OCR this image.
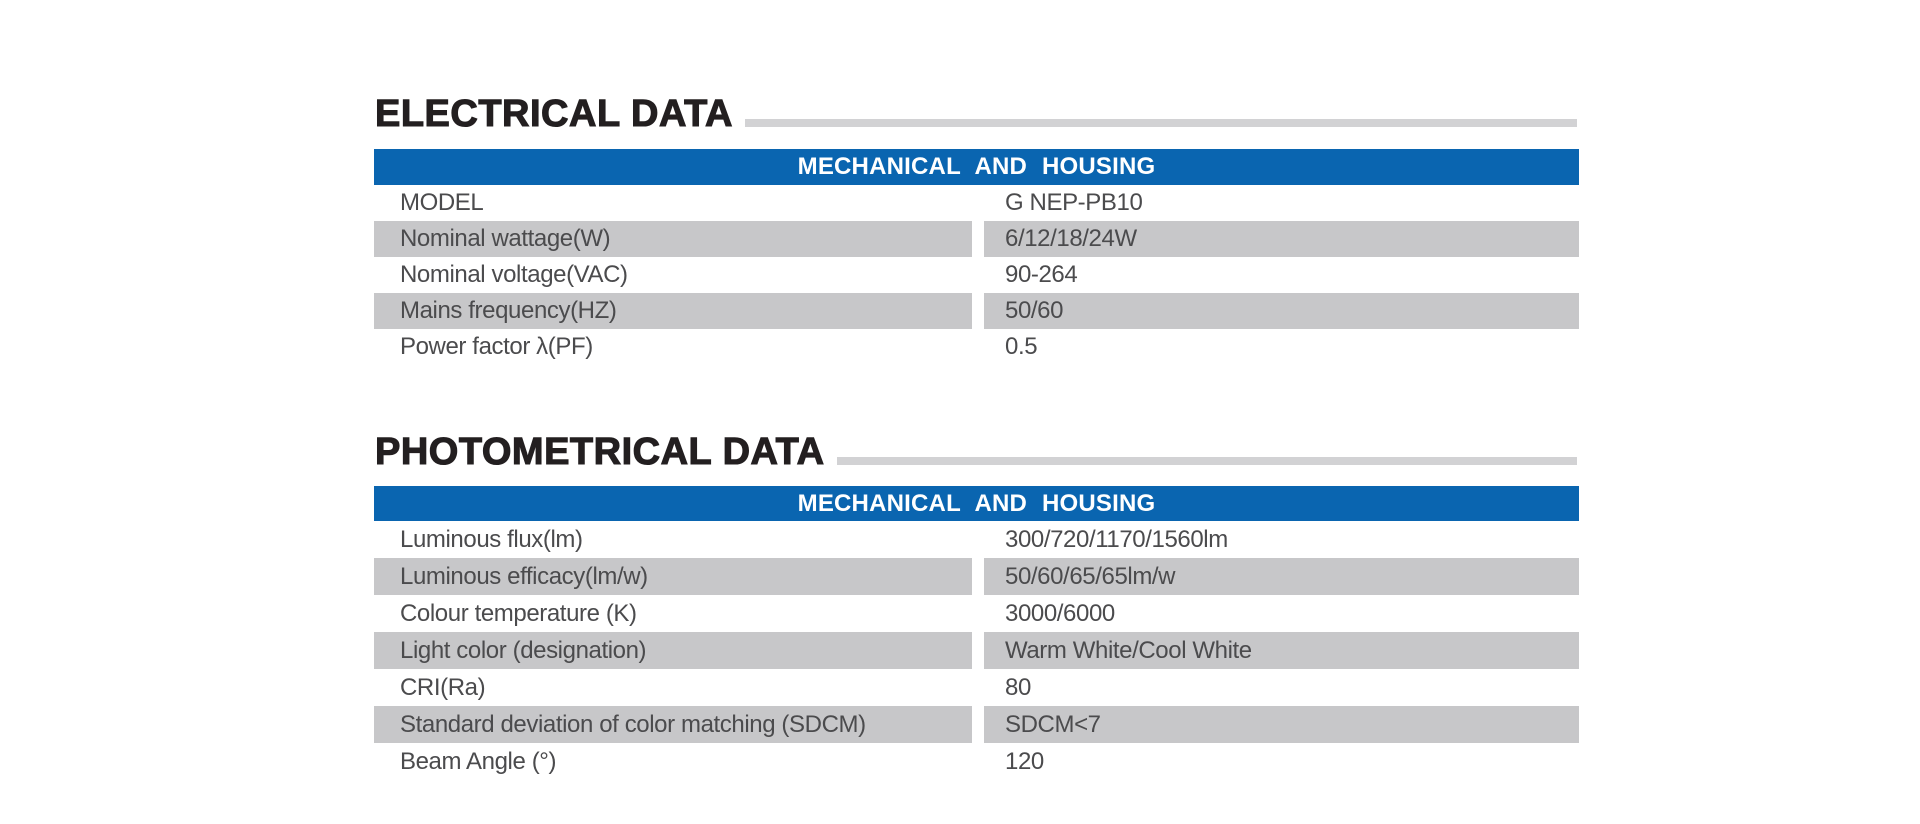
ELECTRICAL DATA
MECHANICAL AND HOUSING
MODEL	G NEP-PB10
Nominal wattage(W)	6/12/18/24W
Nominal voltage(VAC)	90-264
Mains frequency(HZ)	50/60
Power factor λ(PF)	0.5
PHOTOMETRICAL DATA
MECHANICAL AND HOUSING
Luminous flux(lm)	300/720/1170/1560lm
Luminous efficacy(lm/w)	50/60/65/65lm/w
Colour temperature (K)	3000/6000
Light color (designation)	Warm White/Cool White
CRI(Ra)	80
Standard deviation of color matching (SDCM)	SDCM<7
Beam Angle (°)	120
